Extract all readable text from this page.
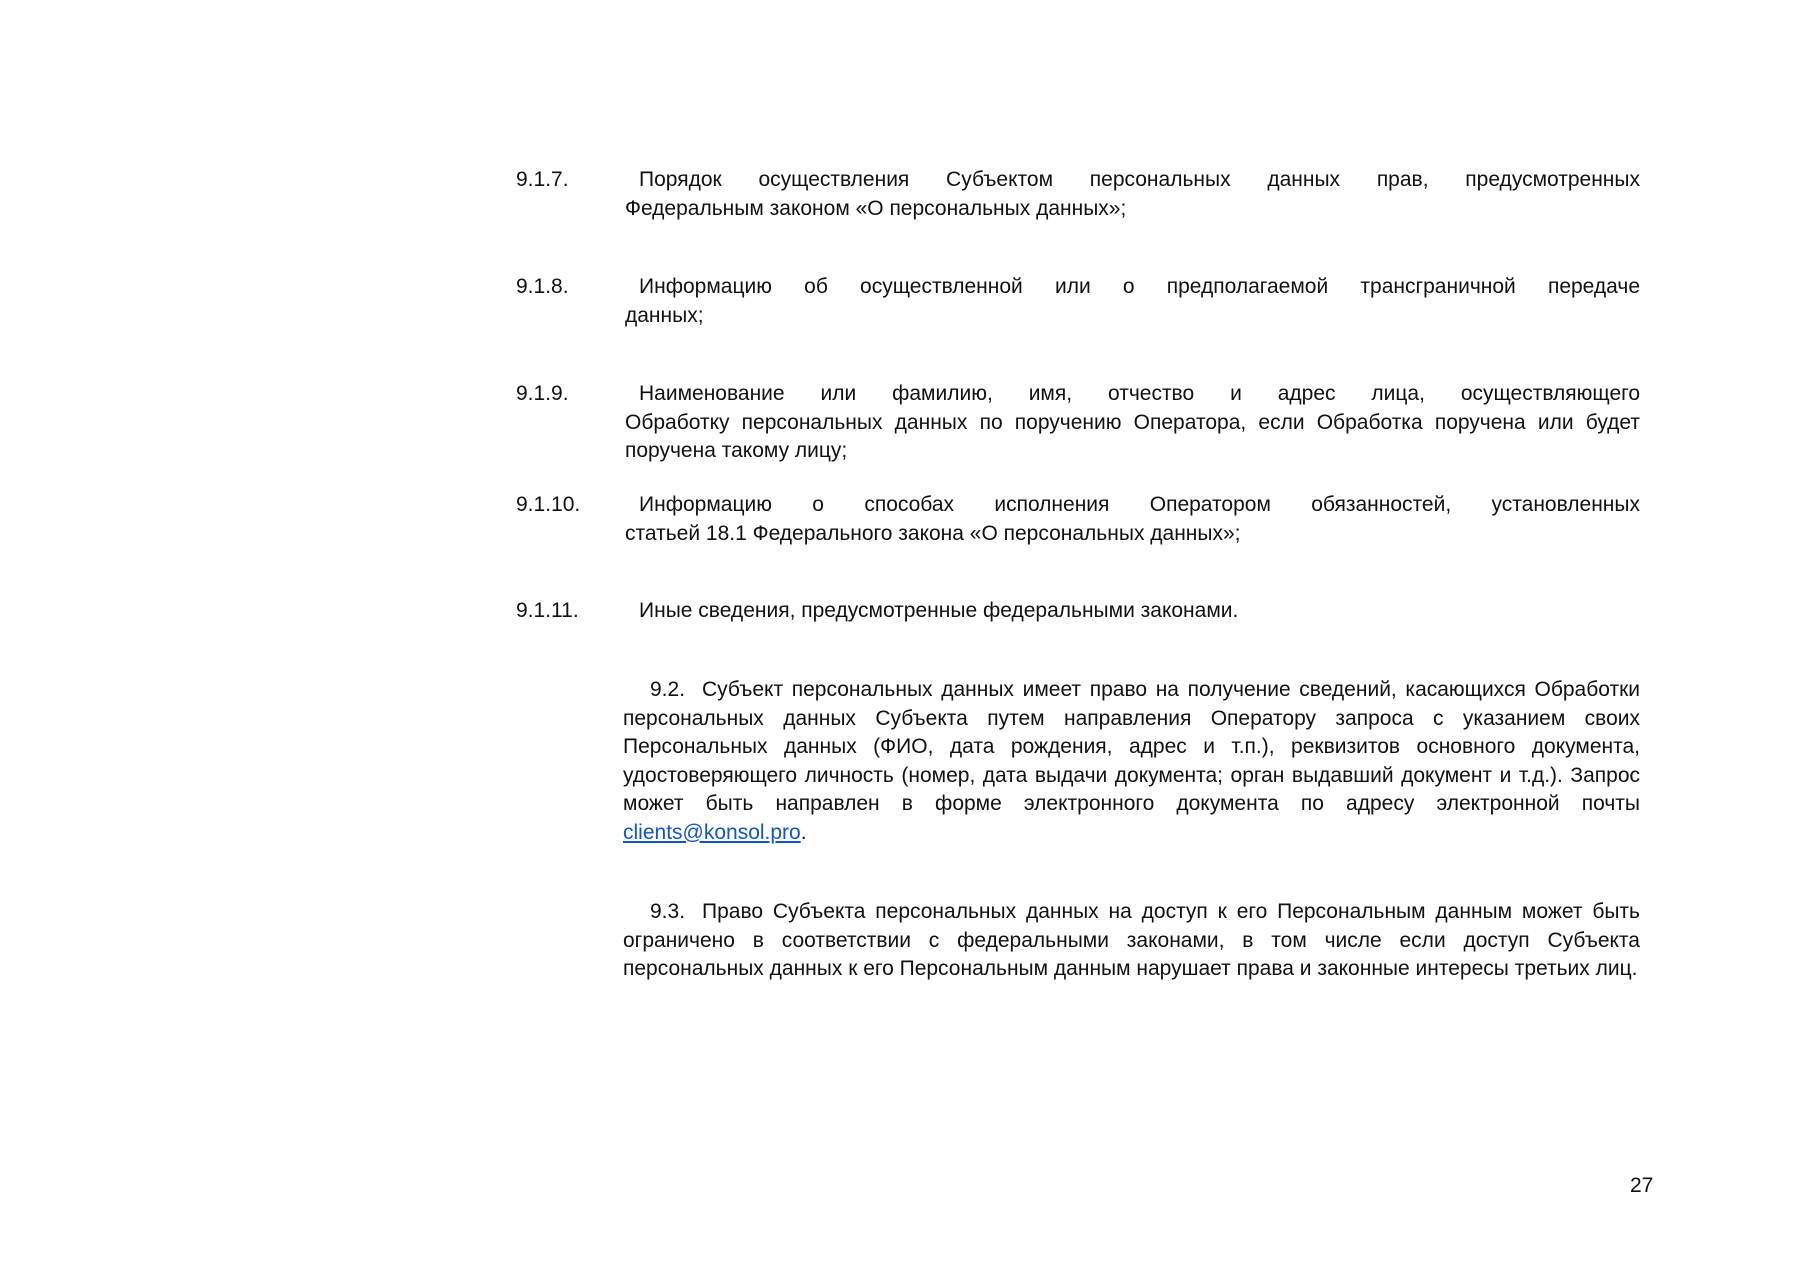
9.1.7.	Порядок осуществления Субъектом персональных данных прав, предусмотренных
Федеральным законом «О персональных данных»;

9.1.8.	Информацию об осуществленной или о предполагаемой трансграничной передаче
данных;

9.1.9.	Наименование или фамилию, имя, отчество и адрес лица, осуществляющего
Обработку персональных данных по поручению Оператора, если Обработка поручена или будет поручена такому лицу;

9.1.10.	Информацию о способах исполнения Оператором обязанностей, установленных
статьей 18.1 Федерального закона «О персональных данных»;

9.1.11.	Иные сведения, предусмотренные федеральными законами.

9.2. Субъект персональных данных имеет право на получение сведений, касающихся Обработки персональных данных Субъекта путем направления Оператору запроса с указанием своих Персональных данных (ФИО, дата рождения, адрес и т.п.), реквизитов основного документа, удостоверяющего личность (номер, дата выдачи документа; орган выдавший документ и т.д.). Запрос может быть направлен в форме электронного документа по адресу электронной почты clients@konsol.pro.

9.3. Право Субъекта персональных данных на доступ к его Персональным данным может быть ограничено в соответствии с федеральными законами, в том числе если доступ Субъекта персональных данных к его Персональным данным нарушает права и законные интересы третьих лиц.

27
